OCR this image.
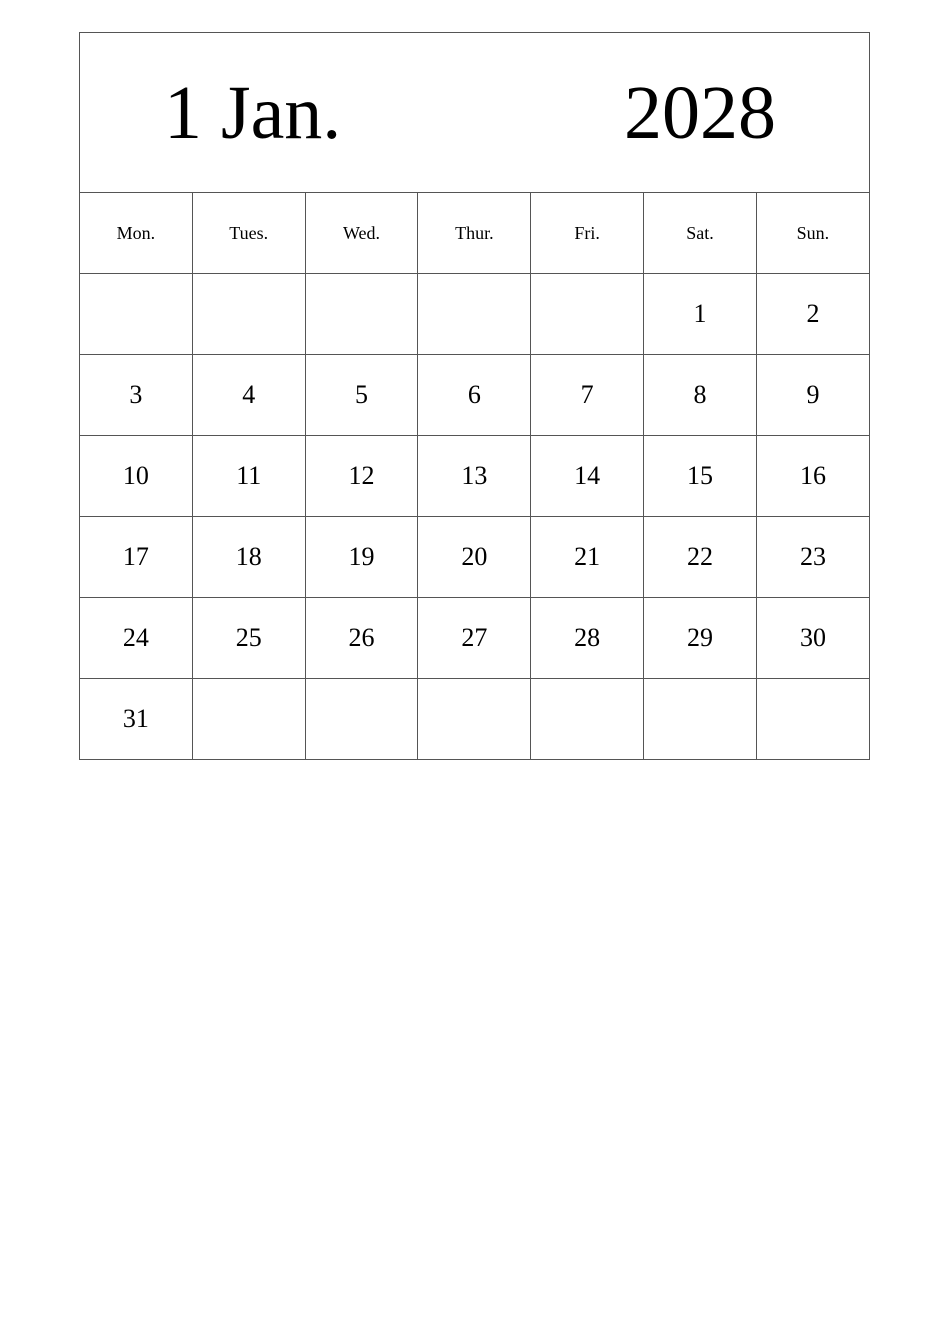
1 Jan. 2028						

Mon.	Tues.	Wed.	Thur.	Fri.	Sat.	Sun.
					1	2
3	4	5	6	7	8	9
10	11	12	13	14	15	16
17	18	19	20	21	22	23
24	25	26	27	28	29	30
31						
